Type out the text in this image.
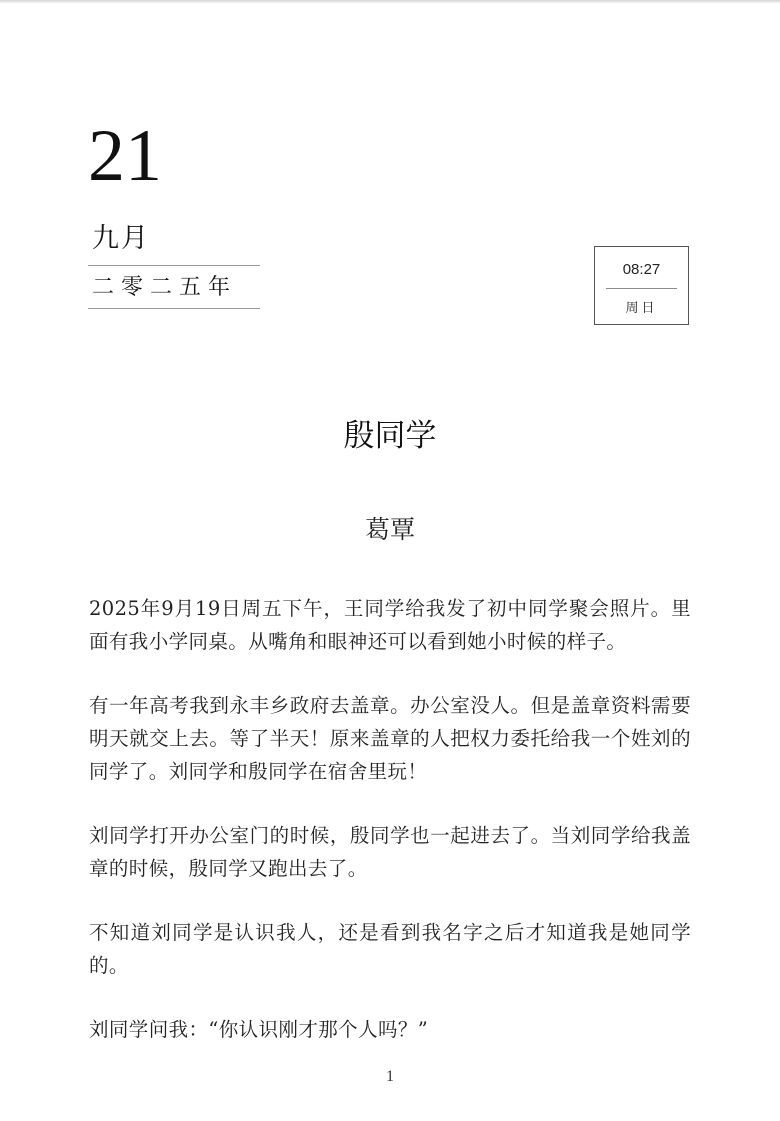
21
九月
二零二五年
08:27
周日
殷同学
葛覃

2025年9月19日周五下午，王同学给我发了初中同学聚会照片。里面有我小学同桌。从嘴角和眼神还可以看到她小时候的样子。

有一年高考我到永丰乡政府去盖章。办公室没人。但是盖章资料需要明天就交上去。等了半天！原来盖章的人把权力委托给我一个姓刘的同学了。刘同学和殷同学在宿舍里玩！

刘同学打开办公室门的时候，殷同学也一起进去了。当刘同学给我盖章的时候，殷同学又跑出去了。

不知道刘同学是认识我人，还是看到我名字之后才知道我是她同学的。

刘同学问我：“你认识刚才那个人吗？”

1
